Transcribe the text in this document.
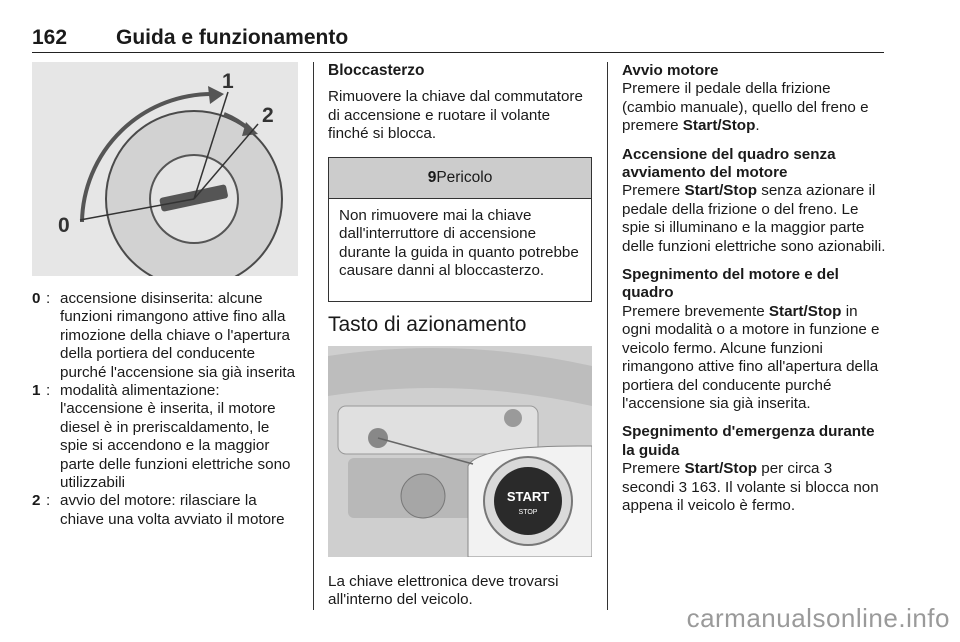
162 Guida e funzionamento
1
2
0
0 : accensione disinserita: alcune funzioni rimangono attive fino alla rimozione della chiave o l'apertura della portiera del conducente purché l'accensione sia già inserita
1 : modalità alimentazione: l'accensione è inserita, il motore diesel è in preriscaldamento, le spie si accendono e la maggior parte delle funzioni elettriche sono utilizzabili
2 : avvio del motore: rilasciare la chiave una volta avviato il motore
Bloccasterzo
Rimuovere la chiave dal commutatore di accensione e ruotare il volante finché si blocca.
9 Pericolo
Non rimuovere mai la chiave dall'interruttore di accensione durante la guida in quanto potrebbe causare danni al bloccasterzo.
Tasto di azionamento
START
STOP
La chiave elettronica deve trovarsi all'interno del veicolo.
Avvio motore
Premere il pedale della frizione (cambio manuale), quello del freno e premere Start/Stop.
Accensione del quadro senza avviamento del motore
Premere Start/Stop senza azionare il pedale della frizione o del freno. Le spie si illuminano e la maggior parte delle funzioni elettriche sono azionabili.
Spegnimento del motore e del quadro
Premere brevemente Start/Stop in ogni modalità o a motore in funzione e veicolo fermo. Alcune funzioni rimangono attive fino all'apertura della portiera del conducente purché l'accensione sia già inserita.
Spegnimento d'emergenza durante la guida
Premere Start/Stop per circa 3 secondi 3 163. Il volante si blocca non appena il veicolo è fermo.
carmanualsonline.info
